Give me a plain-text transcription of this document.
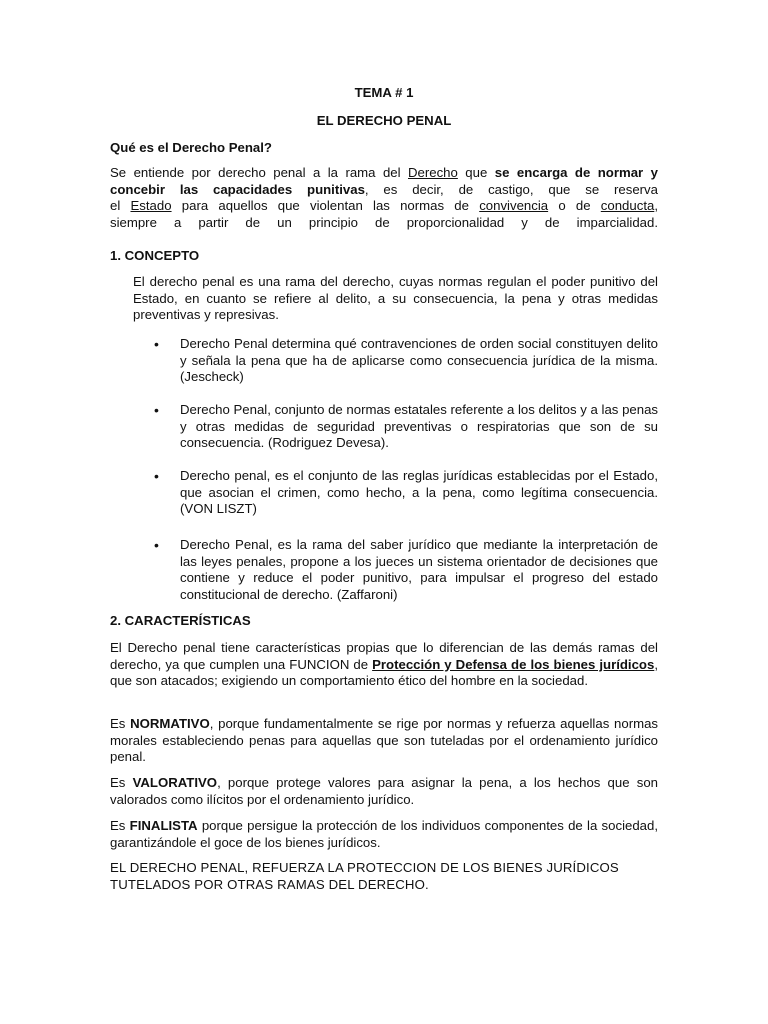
TEMA # 1
EL DERECHO PENAL
Qué es el Derecho Penal?
Se entiende por derecho penal a la rama del Derecho que se encarga de normar y
concebir las capacidades punitivas, es decir, de castigo, que se reserva
el Estado para aquellos que violentan las normas de convivencia o de conducta,
siempre a partir de un principio de proporcionalidad y de imparcialidad.
1. CONCEPTO
El derecho penal es una rama del derecho, cuyas normas regulan el poder punitivo del Estado, en cuanto se refiere al delito, a su consecuencia, la pena y otras medidas preventivas y represivas.
•	Derecho Penal determina qué contravenciones de orden social constituyen delito y señala la pena que ha de aplicarse como consecuencia jurídica de la misma. (Jescheck)
•	Derecho Penal, conjunto de normas estatales referente a los delitos y a las penas y otras medidas de seguridad preventivas o respiratorias que son de su consecuencia. (Rodriguez Devesa).
•	Derecho penal, es el conjunto de las reglas jurídicas establecidas por el Estado, que asocian el crimen, como hecho, a la pena, como legítima consecuencia. (VON LISZT)
•	Derecho Penal, es la rama del saber jurídico que mediante la interpretación de las leyes penales, propone a los jueces un sistema orientador de decisiones que contiene y reduce el poder punitivo, para impulsar el progreso del estado constitucional de derecho. (Zaffaroni)
2. CARACTERÍSTICAS
El Derecho penal tiene características propias que lo diferencian de las demás ramas del derecho, ya que cumplen una FUNCION de Protección y Defensa de los bienes jurídicos, que son atacados; exigiendo un comportamiento ético del hombre en la sociedad.
Es NORMATIVO, porque fundamentalmente se rige por normas y refuerza aquellas normas morales estableciendo penas para aquellas que son tuteladas por el ordenamiento jurídico penal.
Es VALORATIVO, porque protege valores para asignar la pena, a los hechos que son valorados como ilícitos por el ordenamiento jurídico.
Es FINALISTA porque persigue la protección de los individuos componentes de la sociedad, garantizándole el goce de los bienes jurídicos.
EL DERECHO PENAL, REFUERZA LA PROTECCION DE LOS BIENES JURÍDICOS TUTELADOS POR OTRAS RAMAS DEL DERECHO.
